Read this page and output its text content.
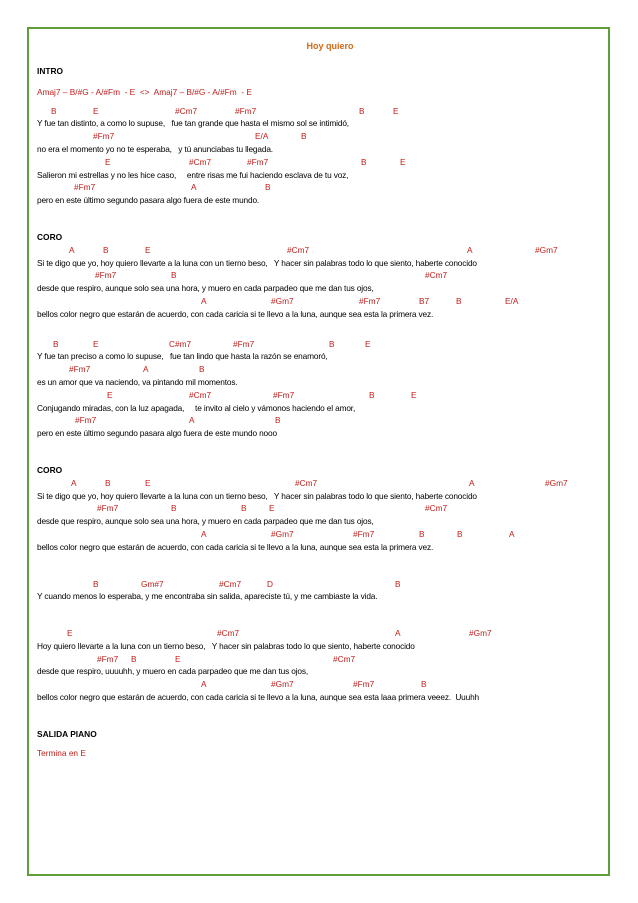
Hoy quiero
INTRO
Amaj7 – B/#G - A/#Fm  - E  <>  Amaj7 – B/#G - A/#Fm  - E

B

	E

	#Cm7

	#Fm7

	B

	E

Y fue tan distinto, a como lo supuse,   fue tan grande que hasta el mismo sol se intimidó,

#Fm7

	E/A

	B

no era el momento yo no te esperaba,   y tú anunciabas tu llegada.

E

	#Cm7

	#Fm7

	B

	E

Salieron mi estrellas y no les hice caso,     entre risas me fui haciendo esclava de tu voz,

#Fm7

	A

	B

pero en este último segundo pasara algo fuera de este mundo.
CORO

A

	B

	E

	#Cm7

	A

	#Gm7

Si te digo que yo, hoy quiero llevarte a la luna con un tierno beso,   Y hacer sin palabras todo lo que siento, haberte conocido

#Fm7

	B

	#Cm7

desde que respiro, aunque solo sea una hora, y muero en cada parpadeo que me dan tus ojos,

A

	#Gm7

	#Fm7

	B7

	B

	E/A

bellos color negro que estarán de acuerdo, con cada caricia si te llevo a la luna, aunque sea esta la primera vez.

B

	E

	C#m7

	#Fm7

	B

	E

Y fue tan preciso a como lo supuse,   fue tan lindo que hasta la razón se enamoró,

#Fm7

	A

	B

es un amor que va naciendo, va pintando mil momentos.

E

	#Cm7

	#Fm7

	B

	E

Conjugando miradas, con la luz apagada,     te invito al cielo y vámonos haciendo el amor,

#Fm7

	A

	B

pero en este último segundo pasara algo fuera de este mundo nooo
CORO

A

	B

	E

	#Cm7

	A

	#Gm7

Si te digo que yo, hoy quiero llevarte a la luna con un tierno beso,   Y hacer sin palabras todo lo que siento, haberte conocido

#Fm7

	B

	B

	E

	#Cm7

desde que respiro, aunque solo sea una hora, y muero en cada parpadeo que me dan tus ojos,

A

	#Gm7

	#Fm7

	B

	B

	A

bellos color negro que estarán de acuerdo, con cada caricia si te llevo a la luna, aunque sea esta la primera vez.

B

	Gm#7

	#Cm7

	D

	B

Y cuando menos lo esperaba, y me encontraba sin salida, apareciste tú, y me cambiaste la vida.

E

	#Cm7

	A

	#Gm7

Hoy quiero llevarte a la luna con un tierno beso,   Y hacer sin palabras todo lo que siento, haberte conocido

#Fm7

B

	E

	#Cm7

desde que respiro, uuuuhh, y muero en cada parpadeo que me dan tus ojos,

A

	#Gm7

	#Fm7

	B

bellos color negro que estarán de acuerdo, con cada caricia si te llevo a la luna, aunque sea esta laaa primera veeez.  Uuuhh
SALIDA PIANO
Termina en E
